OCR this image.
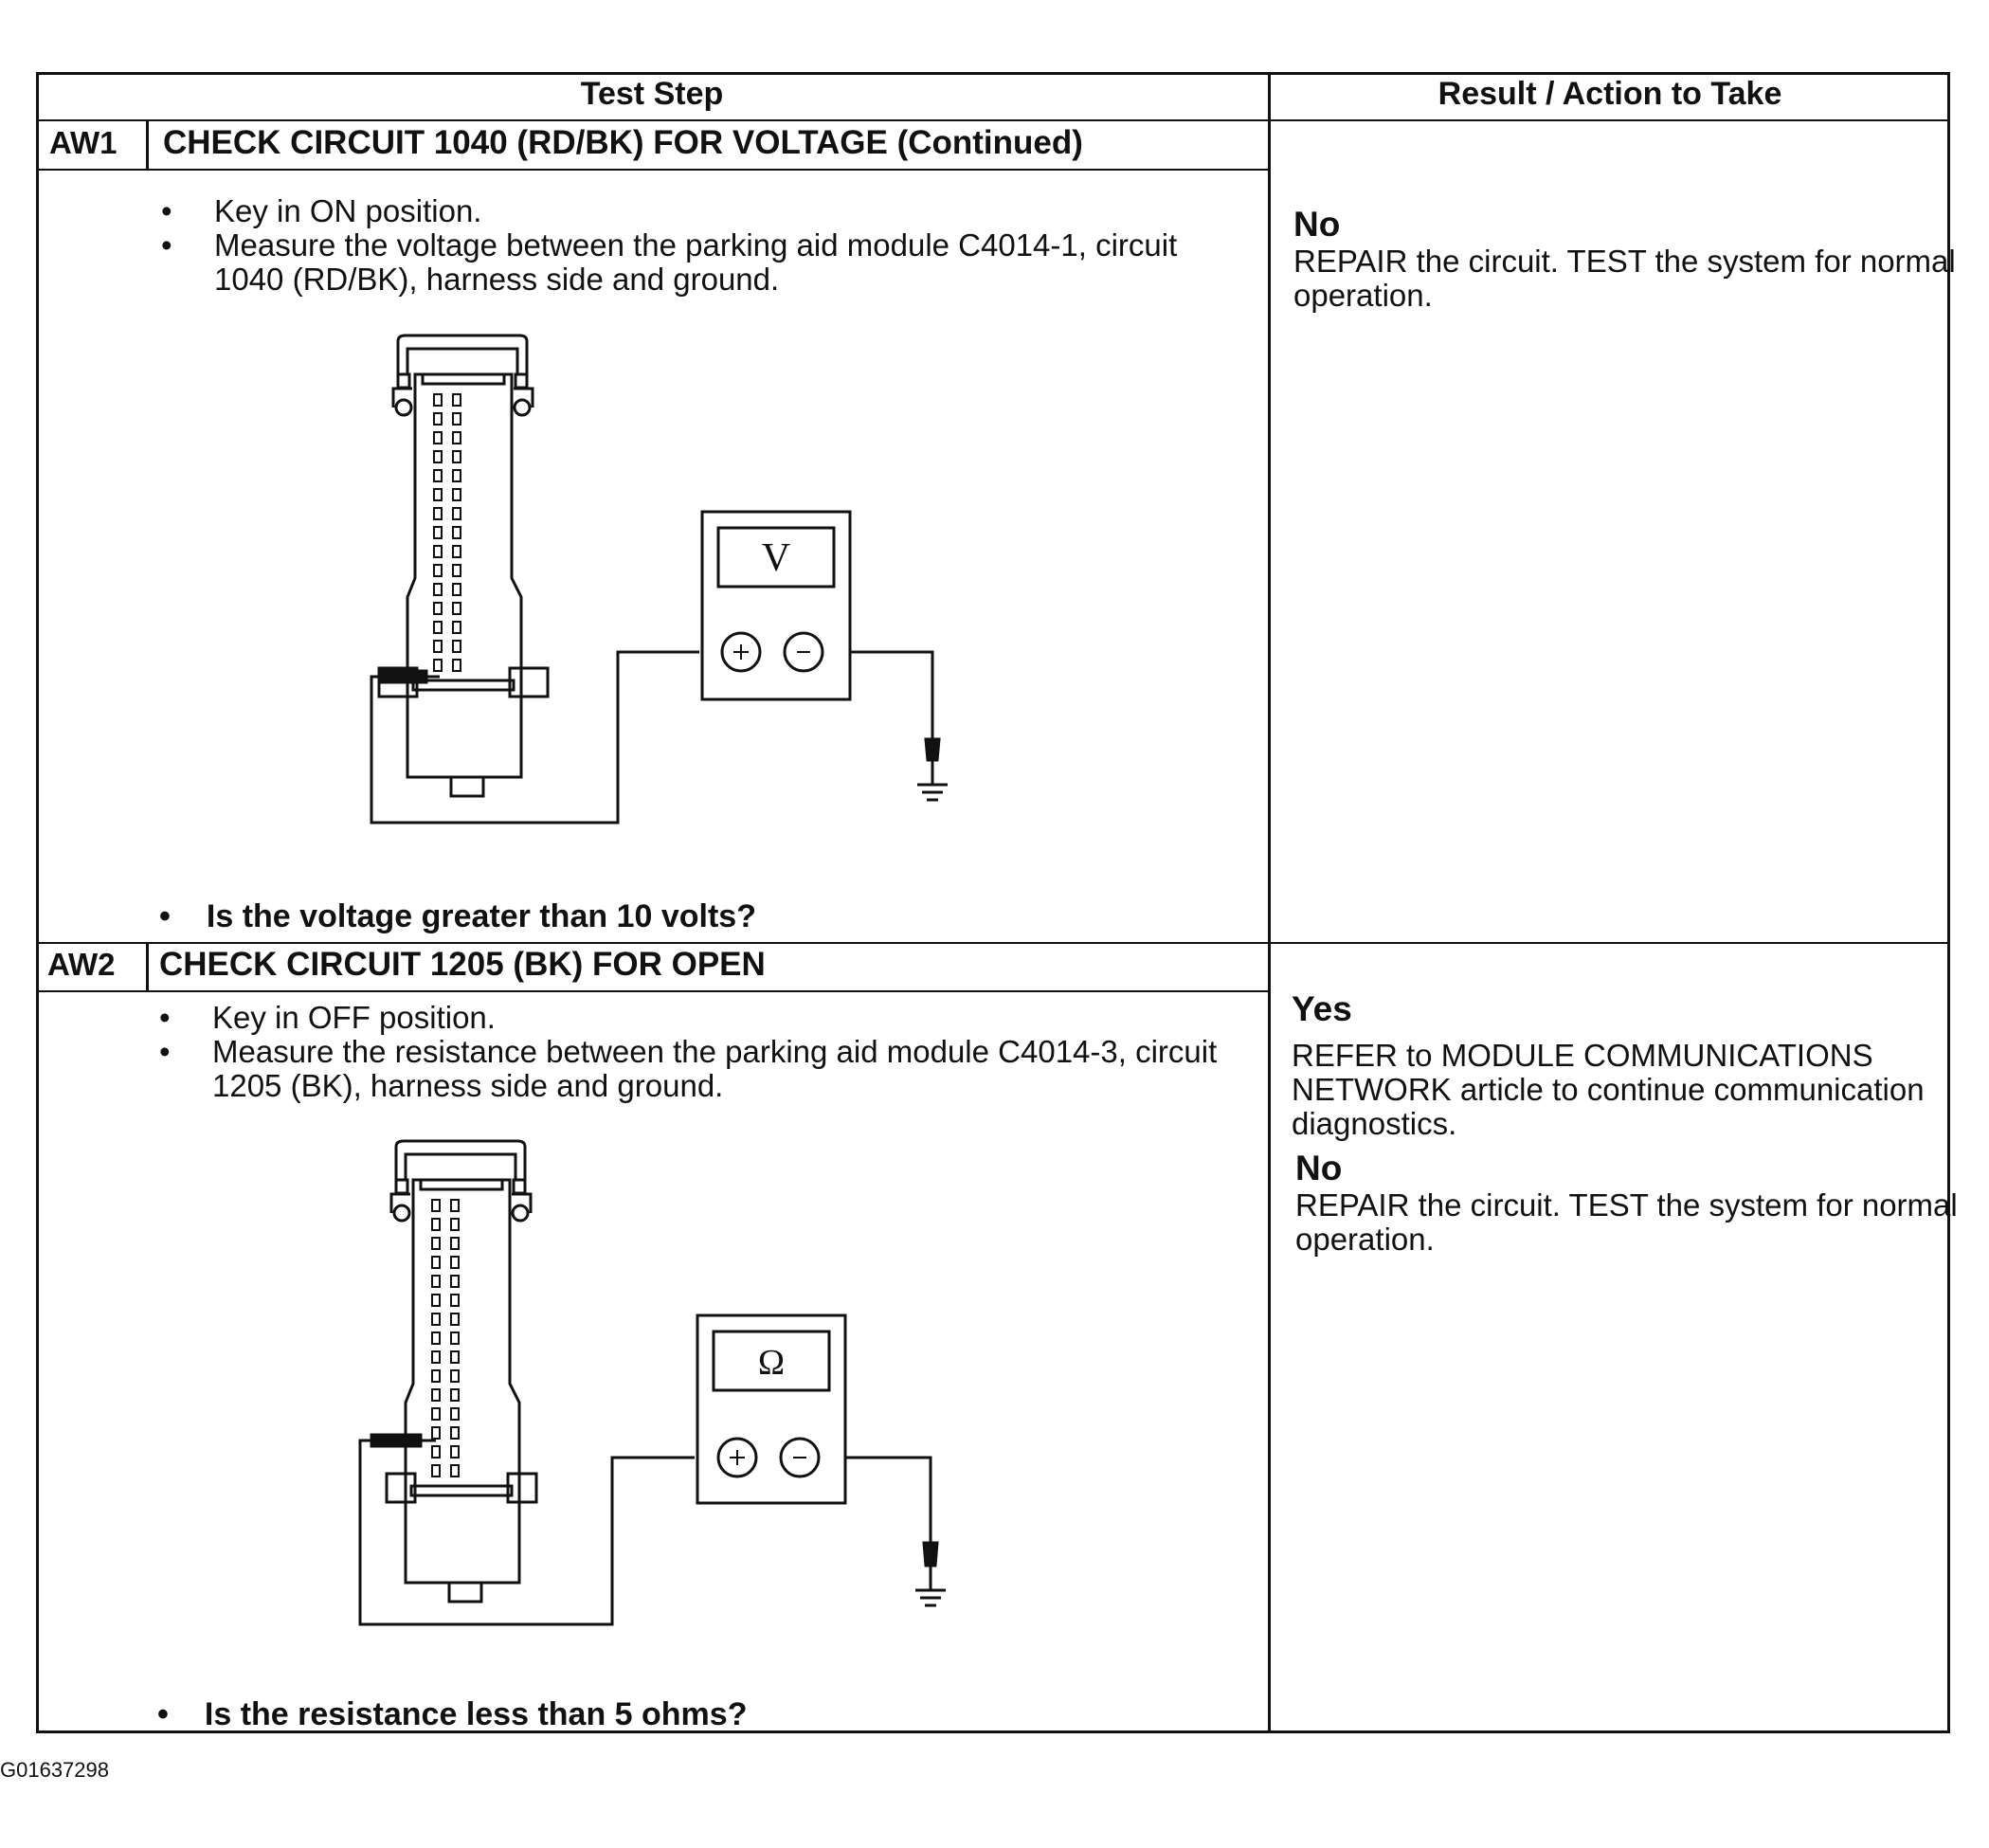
Test Step	Result / Action to Take
AW1 CHECK CIRCUIT 1040 (RD/BK) FOR VOLTAGE (Continued)
• Key in ON position.
• Measure the voltage between the parking aid module C4014-1, circuit 1040 (RD/BK), harness side and ground.
V
• Is the voltage greater than 10 volts?
No
REPAIR the circuit. TEST the system for normal operation.
AW2 CHECK CIRCUIT 1205 (BK) FOR OPEN
• Key in OFF position.
• Measure the resistance between the parking aid module C4014-3, circuit 1205 (BK), harness side and ground.
Ω
• Is the resistance less than 5 ohms?
Yes
REFER to MODULE COMMUNICATIONS NETWORK article to continue communication diagnostics.
No
REPAIR the circuit. TEST the system for normal operation.
G01637298
